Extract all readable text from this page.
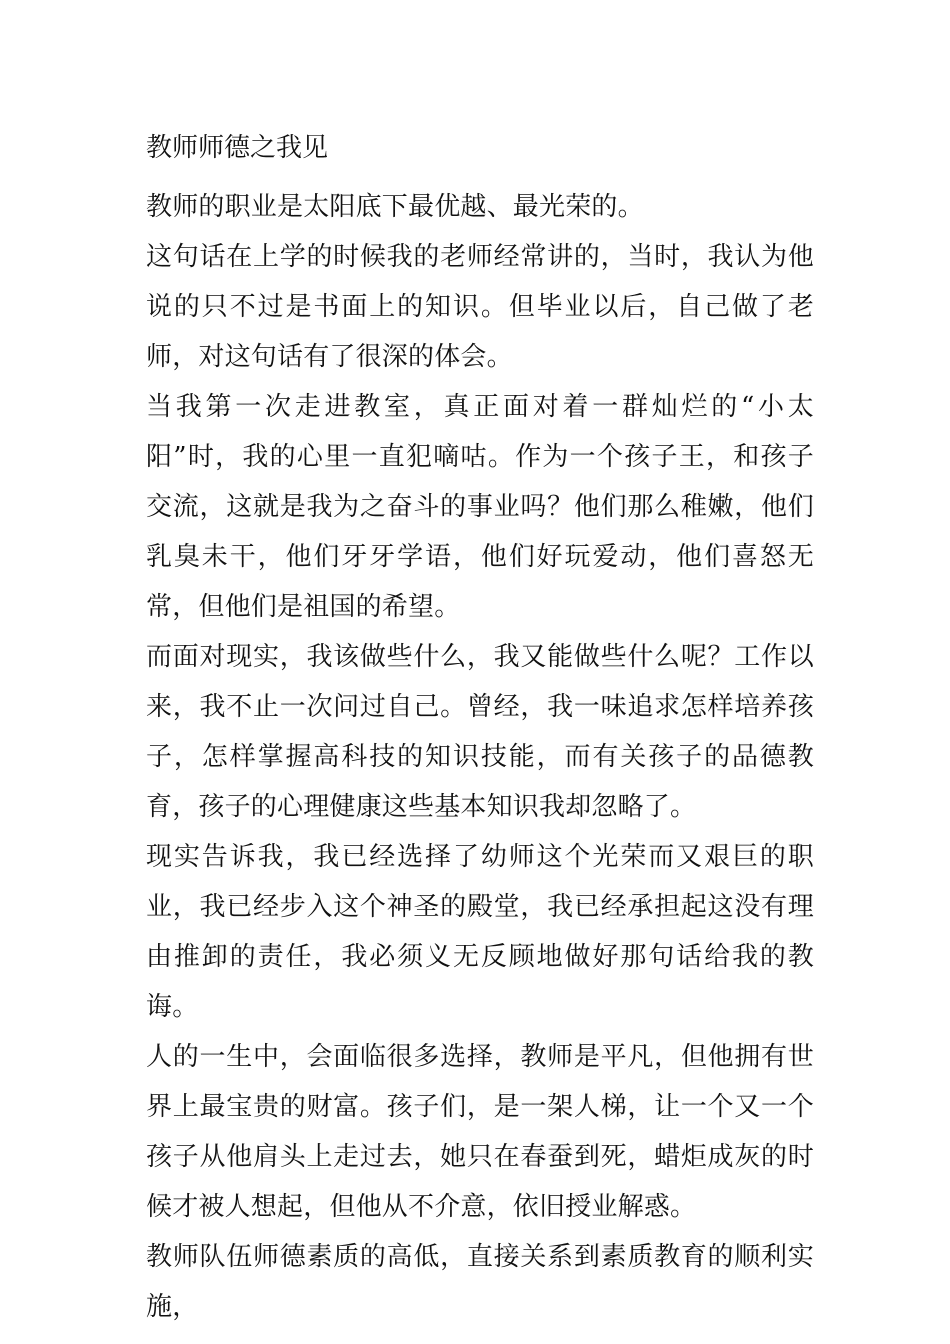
教师师德之我见

教师的职业是太阳底下最优越、最光荣的。

这句话在上学的时候我的老师经常讲的，当时，我认为他说的只不过是书面上的知识。但毕业以后，自己做了老师，对这句话有了很深的体会。

当我第一次走进教室，真正面对着一群灿烂的“小太阳”时，我的心里一直犯嘀咕。作为一个孩子王，和孩子交流，这就是我为之奋斗的事业吗？他们那么稚嫩，他们乳臭未干，他们牙牙学语，他们好玩爱动，他们喜怒无常，但他们是祖国的希望。

而面对现实，我该做些什么，我又能做些什么呢？工作以来，我不止一次问过自己。曾经，我一味追求怎样培养孩子，怎样掌握高科技的知识技能，而有关孩子的品德教育，孩子的心理健康这些基本知识我却忽略了。

现实告诉我，我已经选择了幼师这个光荣而又艰巨的职业，我已经步入这个神圣的殿堂，我已经承担起这没有理由推卸的责任，我必须义无反顾地做好那句话给我的教诲。

人的一生中，会面临很多选择，教师是平凡，但他拥有世界上最宝贵的财富。孩子们，是一架人梯，让一个又一个孩子从他肩头上走过去，她只在春蚕到死，蜡炬成灰的时候才被人想起，但他从不介意，依旧授业解惑。

教师队伍师德素质的高低，直接关系到素质教育的顺利实施，
